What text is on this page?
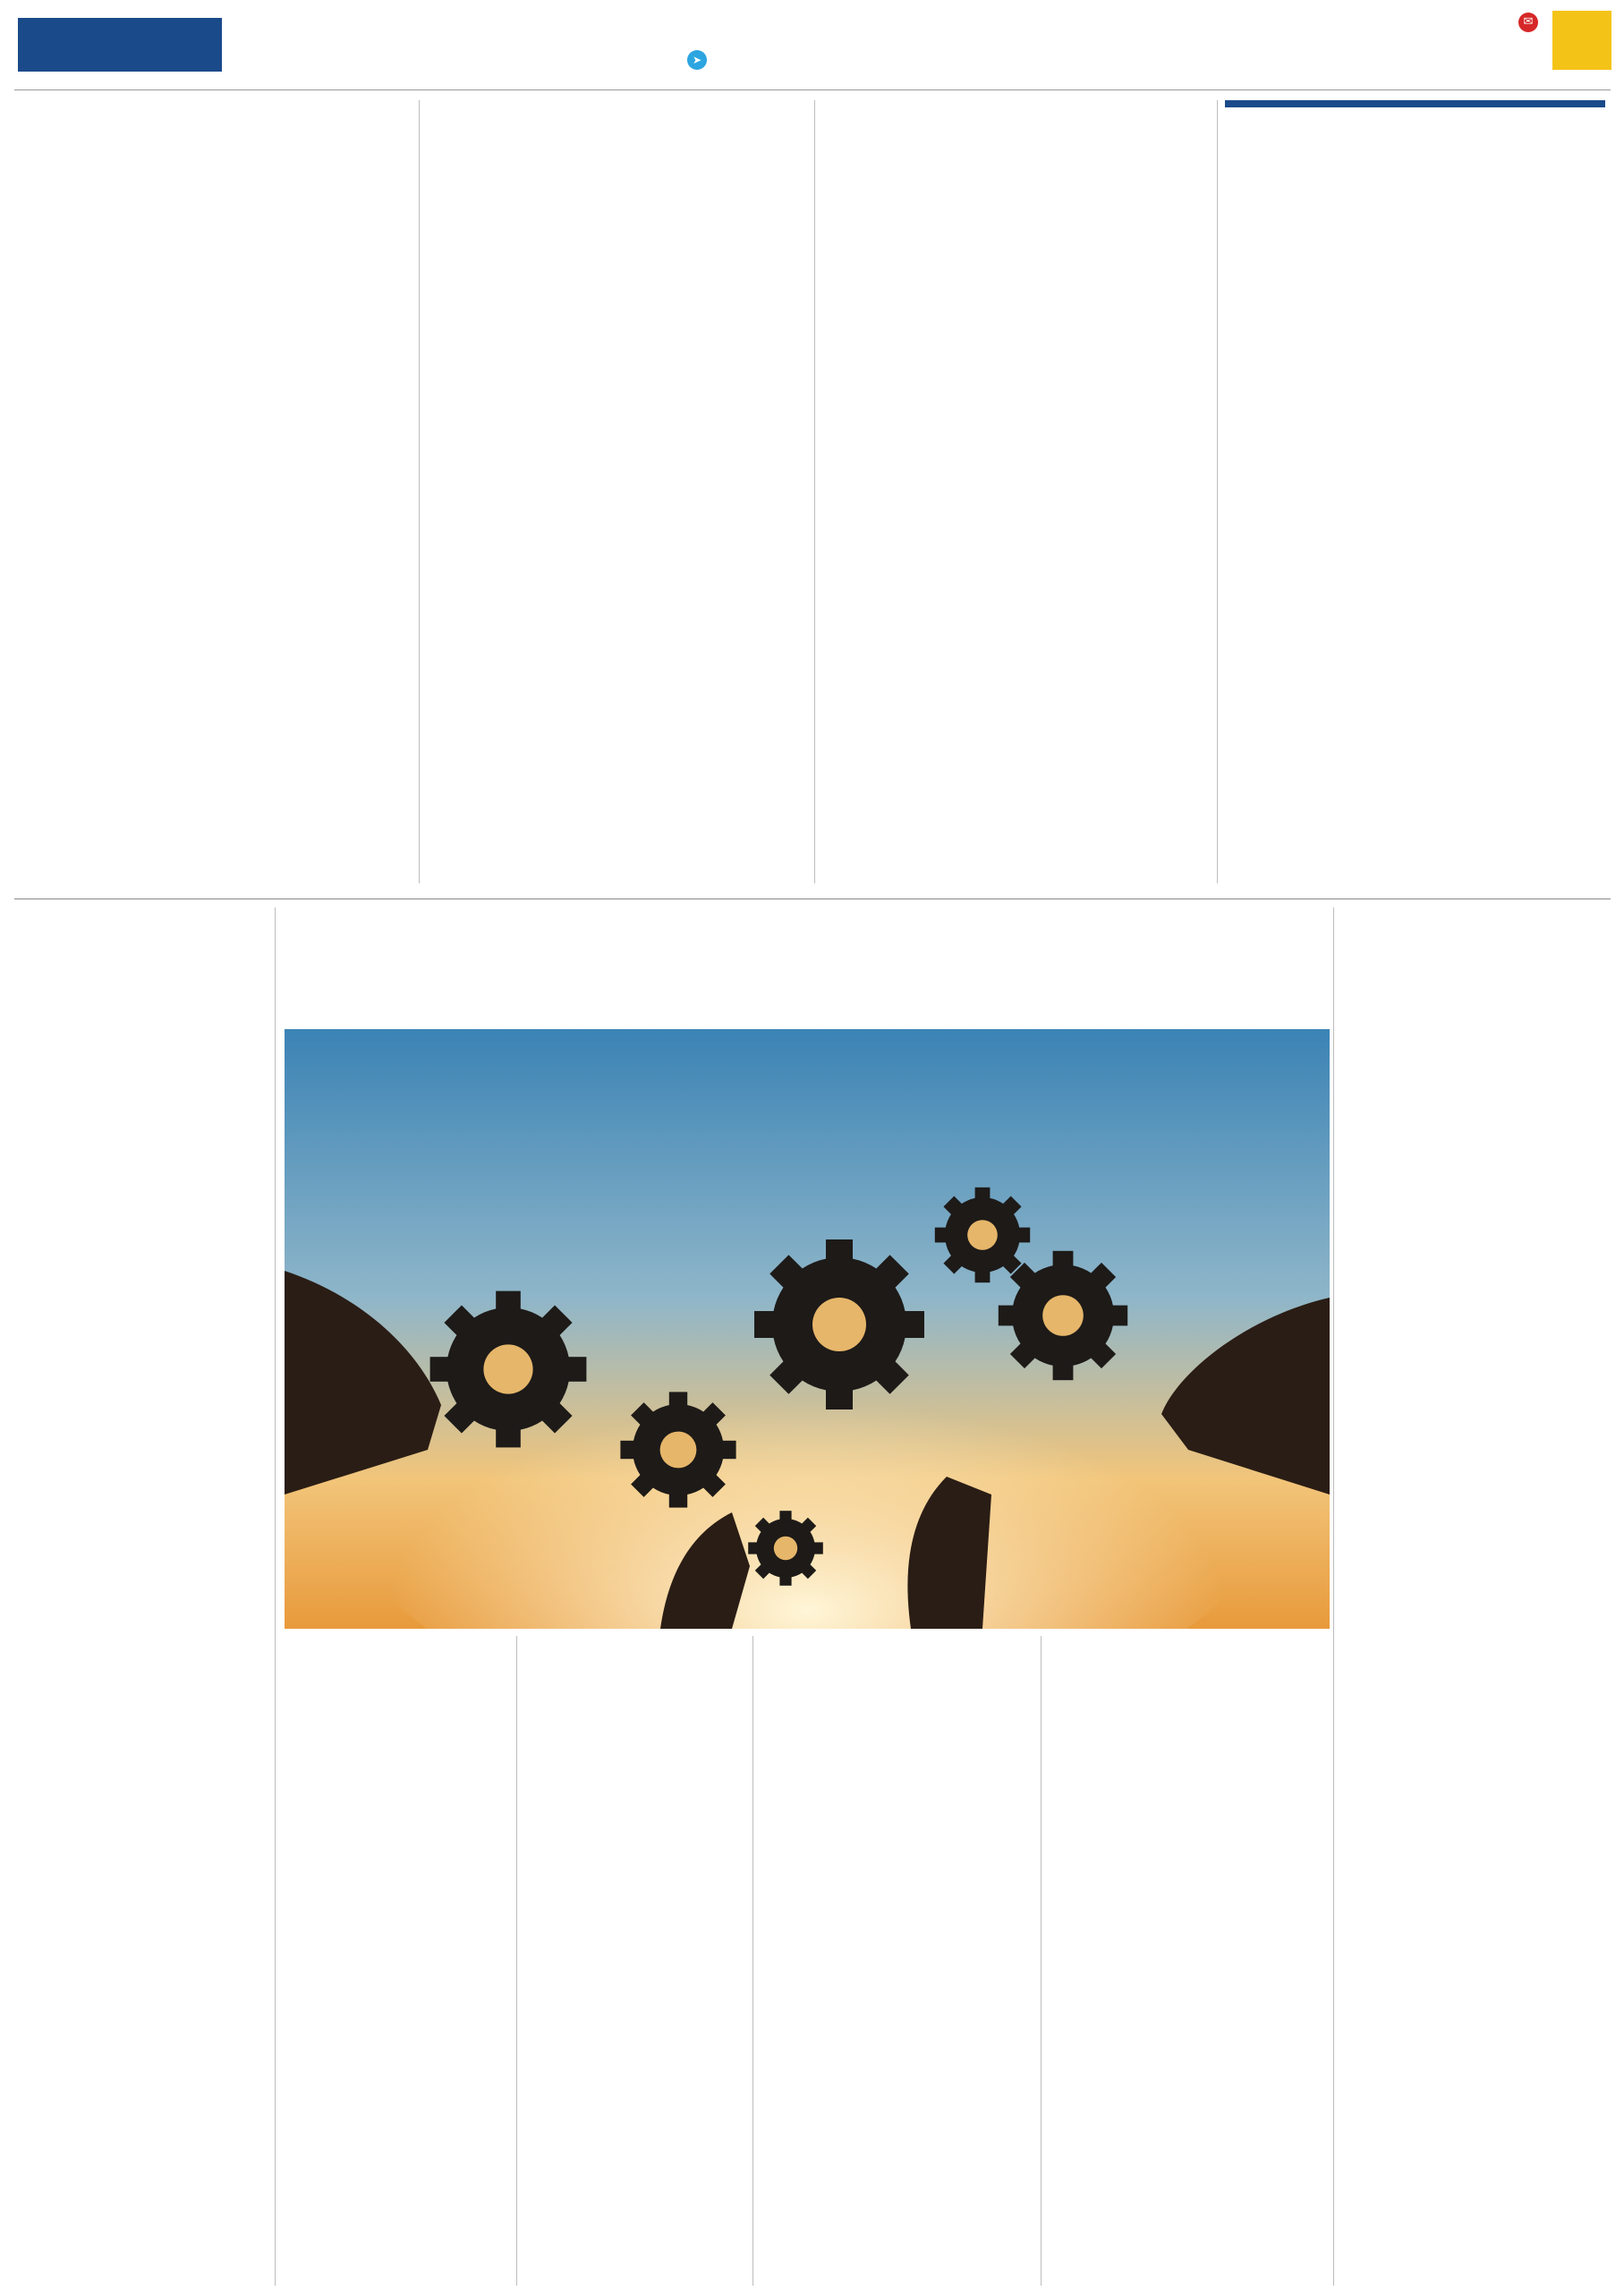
✉
➤
